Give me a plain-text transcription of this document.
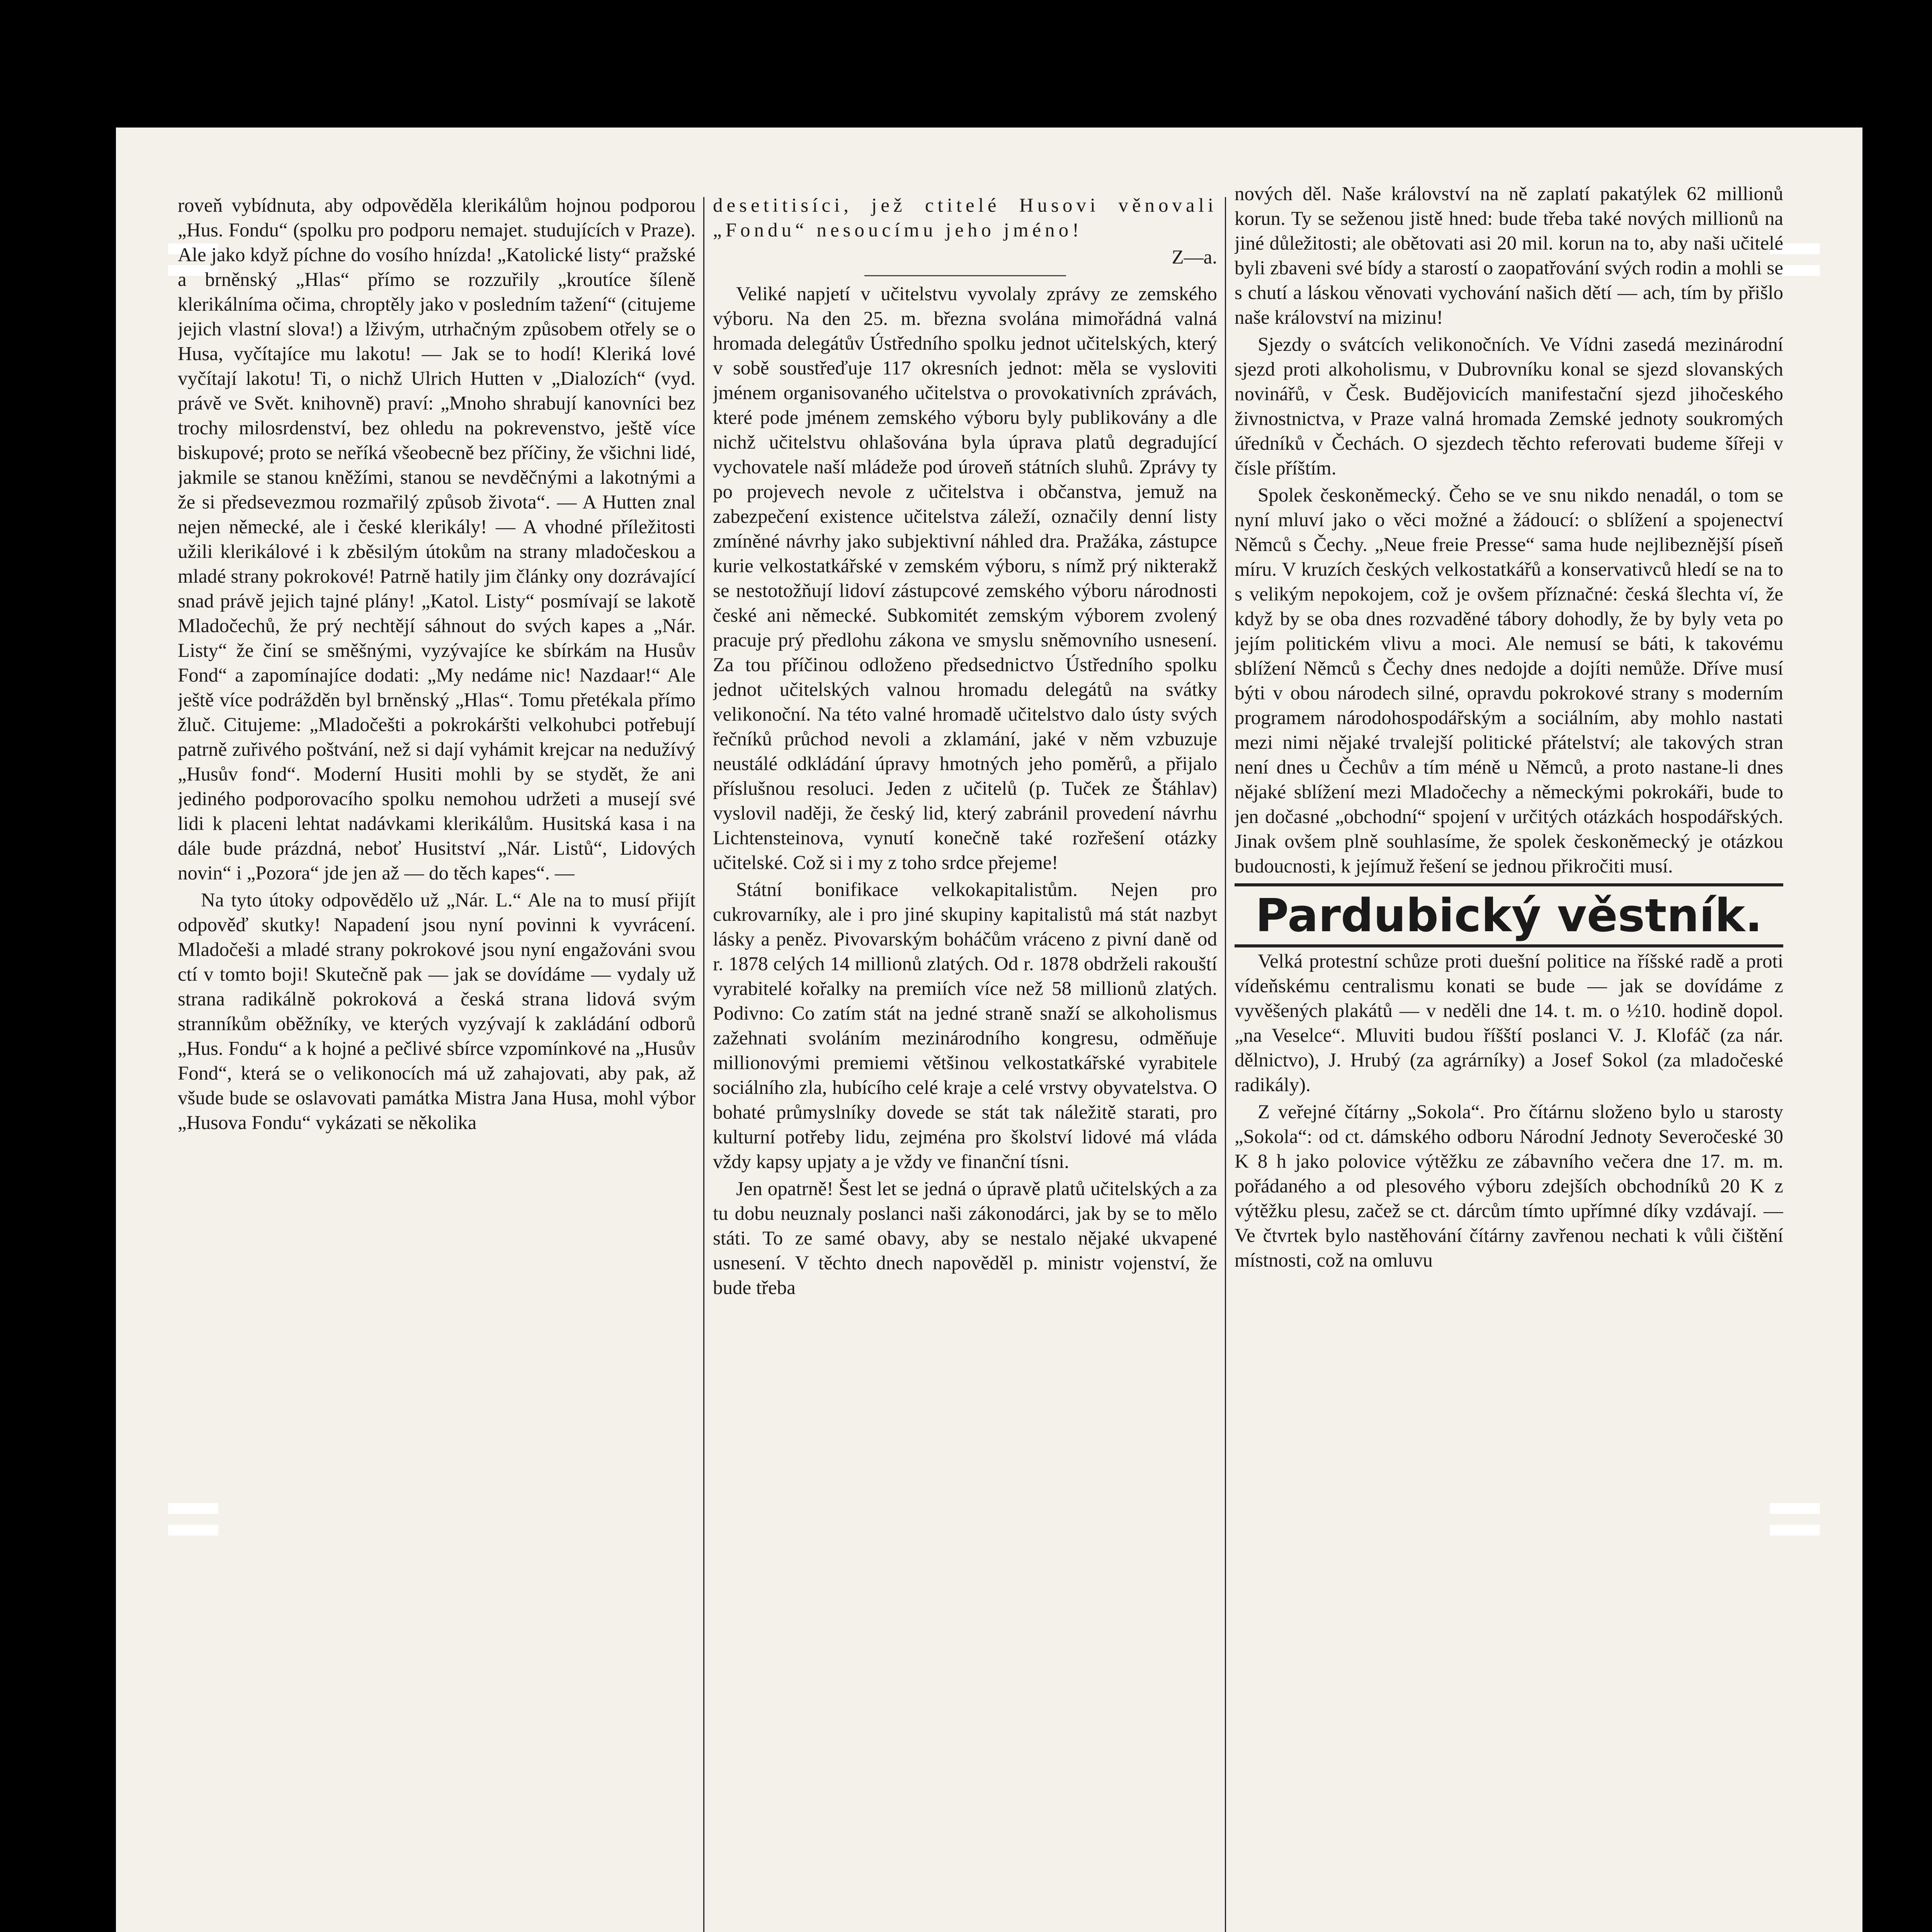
roveň vybídnuta, aby odpověděla klerikálům hojnou podporou „Hus. Fondu“ (spolku pro podporu nemajet. studujících v Praze). Ale jako když píchne do vosího hnízda! „Katolické listy“ pražské a brněnský „Hlas“ přímo se rozzuřily „kroutíce šíleně klerikálníma očima, chroptěly jako v posledním tažení“ (citujeme jejich vlastní slova!) a lživým, utrhačným způsobem otřely se o Husa, vyčítajíce mu lakotu! — Jak se to hodí! Kleriká lové vyčítají lakotu! Ti, o nichž Ulrich Hutten v „Dialozích“ (vyd. právě ve Svět. knihovně) praví: „Mnoho shrabují kanovníci bez trochy milosrdenství, bez ohledu na pokrevenstvo, ještě více biskupové; proto se neříká všeobecně bez příčiny, že všichni lidé, jakmile se stanou kněžími, stanou se nevděčnými a lakotnými a že si předsevezmou rozmařilý způsob života“. — A Hutten znal nejen německé, ale i české klerikály! — A vhodné příležitosti užili klerikálové i k zběsilým útokům na strany mladočeskou a mladé strany pokrokové! Patrně hatily jim články ony dozrávající snad právě jejich tajné plány! „Katol. Listy“ posmívají se lakotě Mladočechů, že prý nechtějí sáhnout do svých kapes a „Nár. Listy“ že činí se směšnými, vyzývajíce ke sbírkám na Husův Fond“ a zapomínajíce dodati: „My nedáme nic! Nazdaar!“ Ale ještě více podrážděn byl brněnský „Hlas“. Tomu přetékala přímo žluč. Citujeme: „Mladočešti a pokrokáršti velkohubci potřebují patrně zuřivého poštvání, než si dají vyhámit krejcar na nedužívý „Husův fond“. Moderní Husiti mohli by se stydět, že ani jediného podporovacího spolku nemohou udržeti a musejí své lidi k placeni lehtat nadávkami klerikálům. Husitská kasa i na dále bude prázdná, neboť Husitství „Nár. Listů“, Lidových novin“ i „Pozora“ jde jen až — do těch kapes“. —

Na tyto útoky odpovědělo už „Nár. L.“ Ale na to musí přijít odpověď skutky! Napadení jsou nyní povinni k vyvrácení. Mladočeši a mladé strany pokrokové jsou nyní engažováni svou ctí v tomto boji! Skutečně pak — jak se dovídáme — vydaly už strana radikálně pokroková a česká strana lidová svým stranníkům oběžníky, ve kterých vyzývají k zakládání odborů „Hus. Fondu“ a k hojné a pečlivé sbírce vzpomínkové na „Husův Fond“, která se o velikonocích má už zahajovati, aby pak, až všude bude se oslavovati památka Mistra Jana Husa, mohl výbor „Husova Fondu“ vykázati se několika

desetitisíci, jež ctitelé Husovi věnovali „Fondu“ nesoucímu jeho jméno!

Z—a.

Veliké napjetí v učitelstvu vyvolaly zprávy ze zemského výboru. Na den 25. m. března svolána mimořádná valná hromada delegátův Ústředního spolku jednot učitelských, který v sobě soustřeďuje 117 okresních jednot: měla se vysloviti jménem organisovaného učitelstva o provokativních zprávách, které pode jménem zemského výboru byly publikovány a dle nichž učitelstvu ohlašována byla úprava platů degradující vychovatele naší mládeže pod úroveň státních sluhů. Zprávy ty po projevech nevole z učitelstva i občanstva, jemuž na zabezpečení existence učitelstva záleží, označily denní listy zmíněné návrhy jako subjektivní náhled dra. Pražáka, zástupce kurie velkostatkářské v zemském výboru, s nímž prý nikterakž se nestotožňují lidoví zástupcové zemského výboru národnosti české ani německé. Subkomitét zemským výborem zvolený pracuje prý předlohu zákona ve smyslu sněmovního usnesení. Za tou příčinou odloženo předsednictvo Ústředního spolku jednot učitelských valnou hromadu delegátů na svátky velikonoční. Na této valné hromadě učitelstvo dalo ústy svých řečníků průchod nevoli a zklamání, jaké v něm vzbuzuje neustálé odkládání úpravy hmotných jeho poměrů, a přijalo příslušnou resoluci. Jeden z učitelů (p. Tuček ze Štáhlav) vyslovil naději, že český lid, který zabránil provedení návrhu Lichtensteinova, vynutí konečně také rozřešení otázky učitelské. Což si i my z toho srdce přejeme!

Státní bonifikace velkokapitalistům. Nejen pro cukrovarníky, ale i pro jiné skupiny kapitalistů má stát nazbyt lásky a peněz. Pivovarským boháčům vráceno z pivní daně od r. 1878 celých 14 millionů zlatých. Od r. 1878 obdrželi rakouští vyrabitelé kořalky na premiích více než 58 millionů zlatých. Podivno: Co zatím stát na jedné straně snaží se alkoholismus zažehnati svoláním mezinárodního kongresu, odměňuje millionovými premiemi většinou velkostatkářské vyrabitele sociálního zla, hubícího celé kraje a celé vrstvy obyvatelstva. O bohaté průmyslníky dovede se stát tak náležitě starati, pro kulturní potřeby lidu, zejména pro školství lidové má vláda vždy kapsy upjaty a je vždy ve finanční tísni.

Jen opatrně! Šest let se jedná o úpravě platů učitelských a za tu dobu neuznaly poslanci naši zákonodárci, jak by se to mělo státi. To ze samé obavy, aby se nestalo nějaké ukvapené usnesení. V těchto dnech napověděl p. ministr vojenství, že bude třeba

nových děl. Naše království na ně zaplatí pakatýlek 62 millionů korun. Ty se seženou jistě hned: bude třeba také nových millionů na jiné důležitosti; ale obětovati asi 20 mil. korun na to, aby naši učitelé byli zbaveni své bídy a starostí o zaopatřování svých rodin a mohli se s chutí a láskou věnovati vychování našich dětí — ach, tím by přišlo naše království na mizinu!

Sjezdy o svátcích velikonočních. Ve Vídni zasedá mezinárodní sjezd proti alkoholismu, v Dubrovníku konal se sjezd slovanských novinářů, v Česk. Budějovicích manifestační sjezd jihočeského živnostnictva, v Praze valná hromada Zemské jednoty soukromých úředníků v Čechách. O sjezdech těchto referovati budeme šířeji v čísle příštím.

Spolek českoněmecký. Čeho se ve snu nikdo nenadál, o tom se nyní mluví jako o věci možné a žádoucí: o sblížení a spojenectví Němců s Čechy. „Neue freie Presse“ sama hude nejlibeznější píseň míru. V kruzích českých velkostatkářů a konservativců hledí se na to s velikým nepokojem, což je ovšem příznačné: česká šlechta ví, že když by se oba dnes rozvaděné tábory dohodly, že by byly veta po jejím politickém vlivu a moci. Ale nemusí se báti, k takovému sblížení Němců s Čechy dnes nedojde a dojíti nemůže. Dříve musí býti v obou národech silné, opravdu pokrokové strany s moderním programem národohospodářským a sociálním, aby mohlo nastati mezi nimi nějaké trvalejší politické přátelství; ale takových stran není dnes u Čechův a tím méně u Němců, a proto nastane-li dnes nějaké sblížení mezi Mladočechy a německými pokrokáři, bude to jen dočasné „obchodní“ spojení v určitých otázkách hospodářských. Jinak ovšem plně souhlasíme, že spolek českoněmecký je otázkou budoucnosti, k jejímuž řešení se jednou přikročiti musí.

Pardubický věstník.

Velká protestní schůze proti duešní politice na říšské radě a proti vídeňskému centralismu konati se bude — jak se dovídáme z vyvěšených plakátů — v neděli dne 14. t. m. o ½10. hodině dopol. „na Veselce“. Mluviti budou říšští poslanci V. J. Klofáč (za nár. dělnictvo), J. Hrubý (za agrárníky) a Josef Sokol (za mladočeské radikály).

Z veřejné čítárny „Sokola“. Pro čítárnu složeno bylo u starosty „Sokola“: od ct. dámského odboru Národní Jednoty Severočeské 30 K 8 h jako polovice výtěžku ze zábavního večera dne 17. m. m. pořádaného a od plesového výboru zdejších obchodníků 20 K z výtěžku plesu, začež se ct. dárcům tímto upřímné díky vzdávají. — Ve čtvrtek bylo nastěhování čítárny zavřenou nechati k vůli čištění místnosti, což na omluvu
